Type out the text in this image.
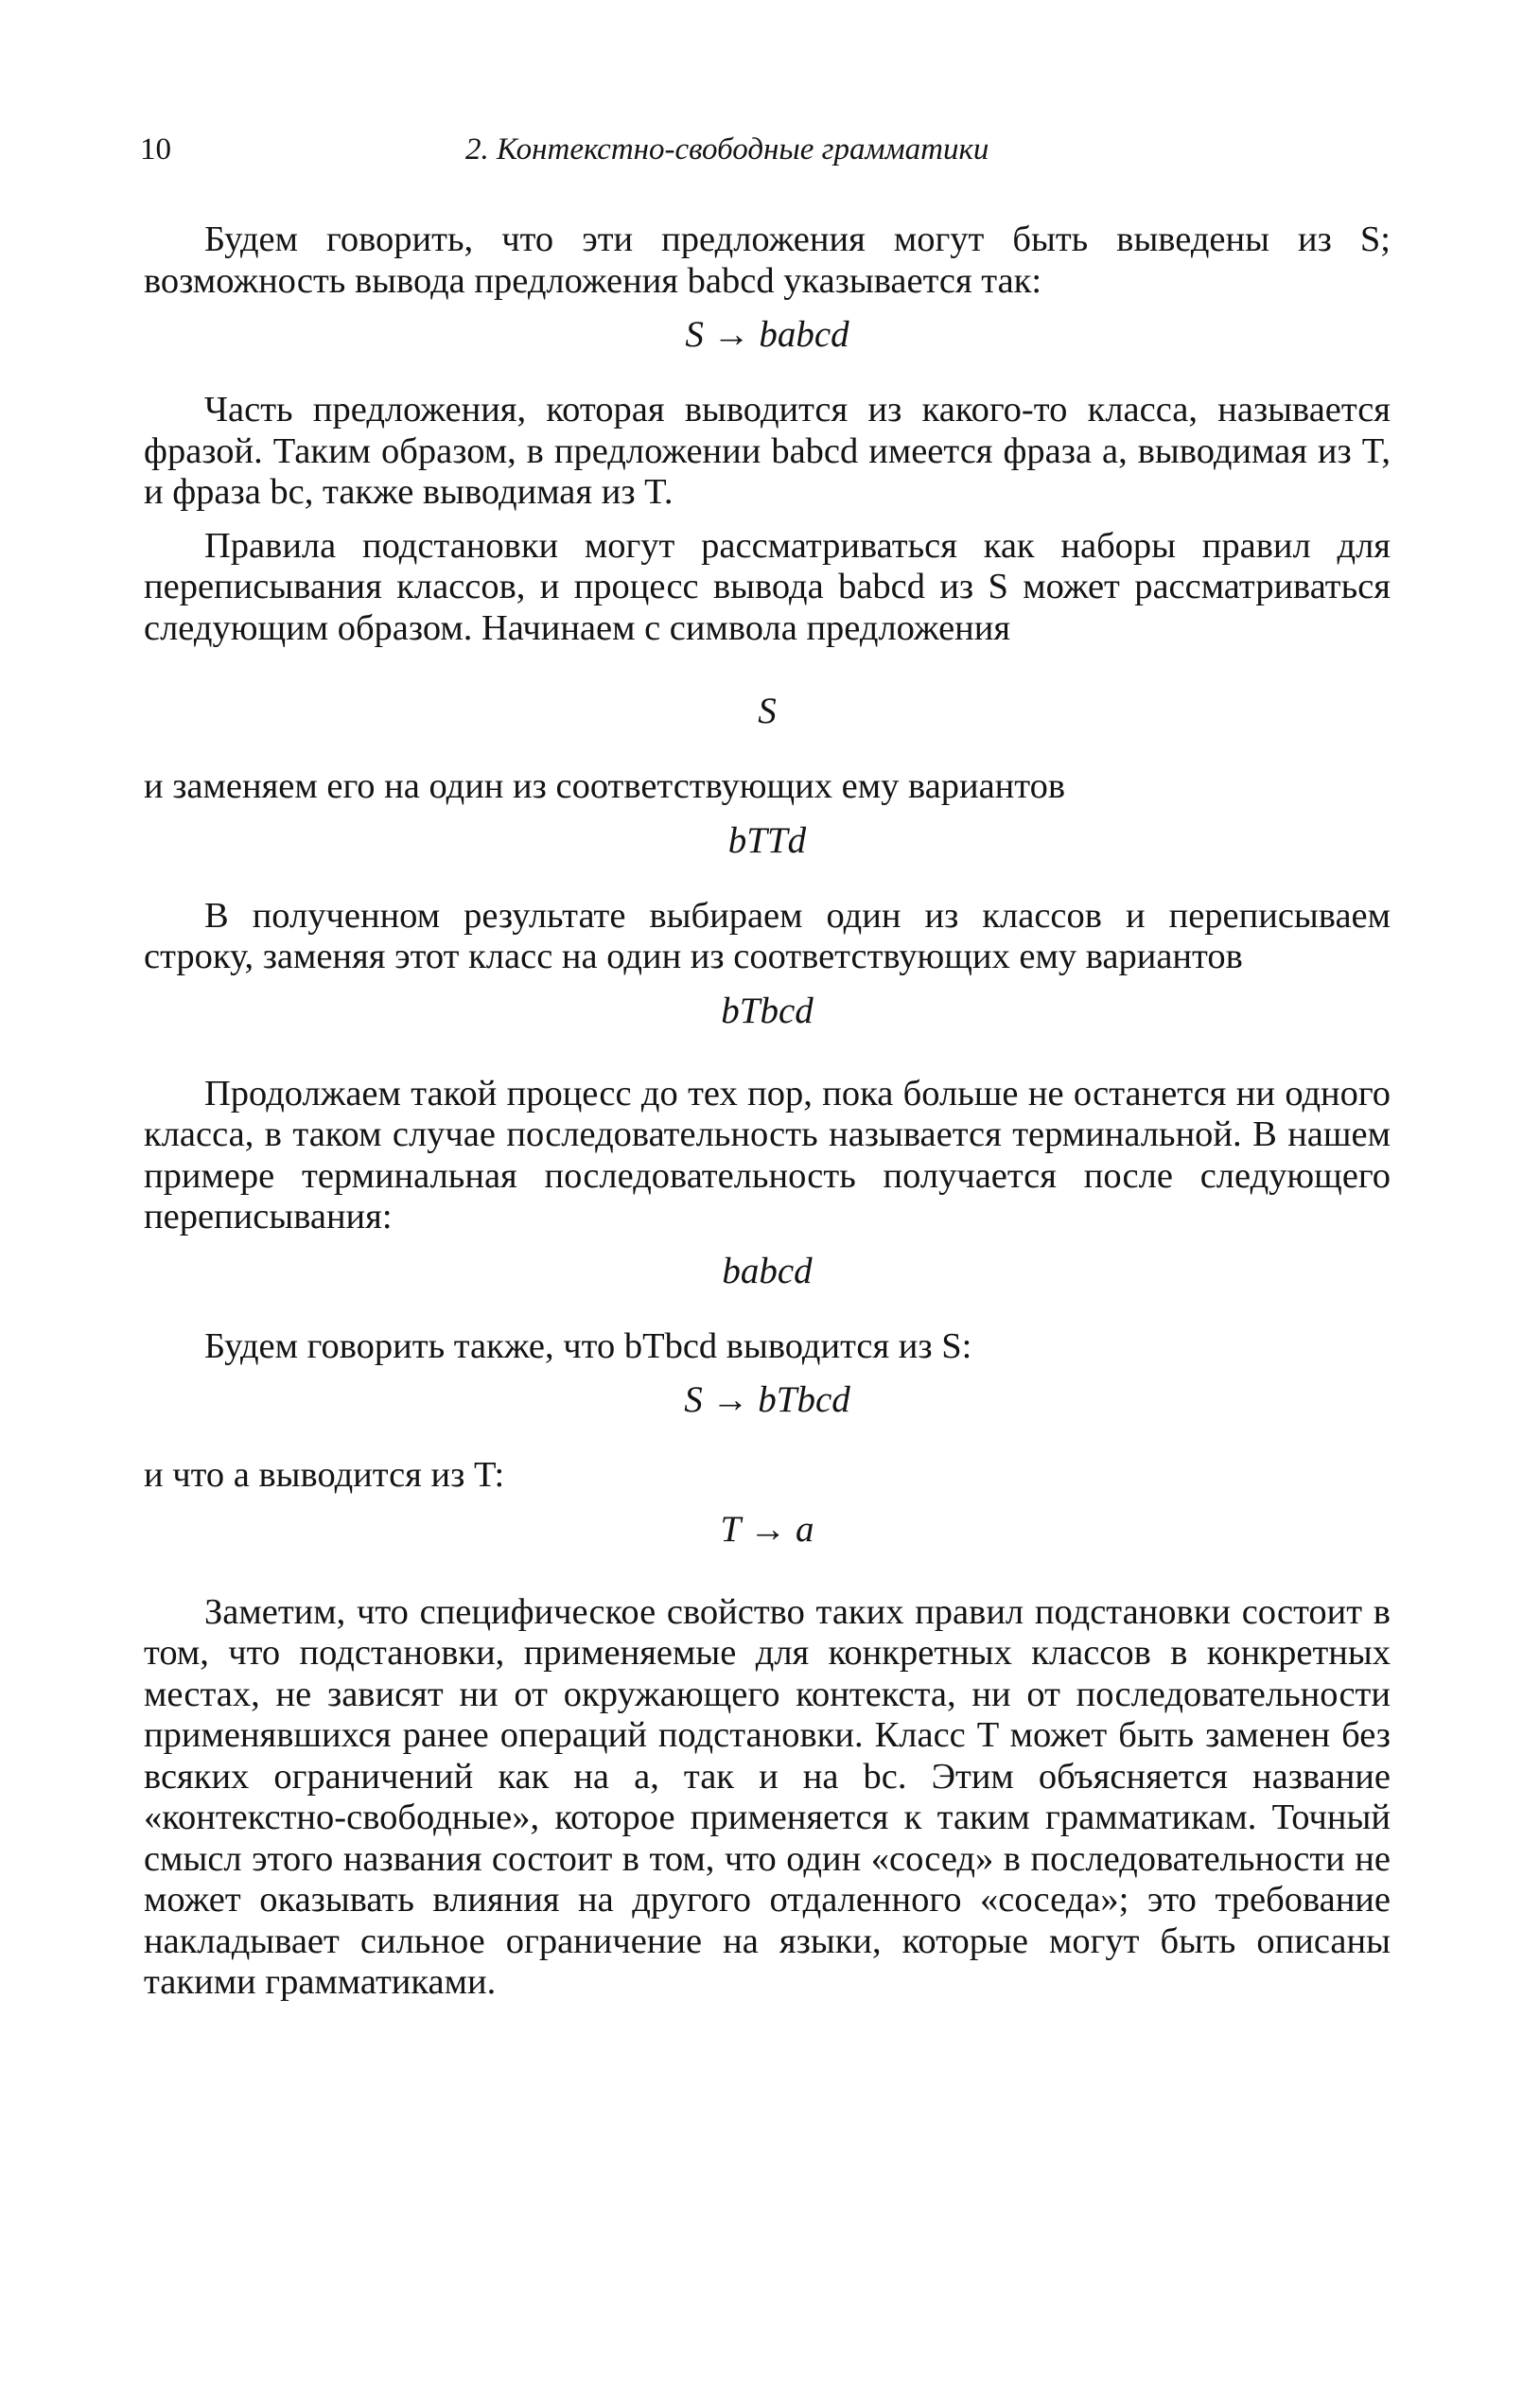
10	2. Контекстно-свободные грамматики

Будем говорить, что эти предложения могут быть выведены из S; возможность вывода предложения babcd указывается так:

S → babcd

Часть предложения, которая выводится из какого-то класса, называется фразой. Таким образом, в предложении babcd имеется фраза a, выводимая из T, и фраза bc, также выводимая из T.

Правила подстановки могут рассматриваться как наборы правил для переписывания классов, и процесс вывода babcd из S может рассматриваться следующим образом. Начинаем с символа предложения

S

и заменяем его на один из соответствующих ему вариантов

bTTd

В полученном результате выбираем один из классов и переписываем строку, заменяя этот класс на один из соответствующих ему вариантов

bTbcd

Продолжаем такой процесс до тех пор, пока больше не останется ни одного класса, в таком случае последовательность называется терминальной. В нашем примере терминальная последовательность получается после следующего переписывания:

babcd

Будем говорить также, что bTbcd выводится из S:

S → bTbcd

и что a выводится из T:

T → a

Заметим, что специфическое свойство таких правил подстановки состоит в том, что подстановки, применяемые для конкретных классов в конкретных местах, не зависят ни от окружающего контекста, ни от последовательности применявшихся ранее операций подстановки. Класс T может быть заменен без всяких ограничений как на a, так и на bc. Этим объясняется название «контекстно-свободные», которое применяется к таким грамматикам. Точный смысл этого названия состоит в том, что один «сосед» в последовательности не может оказывать влияния на другого отдаленного «соседа»; это требование накладывает сильное ограничение на языки, которые могут быть описаны такими грамматиками.
